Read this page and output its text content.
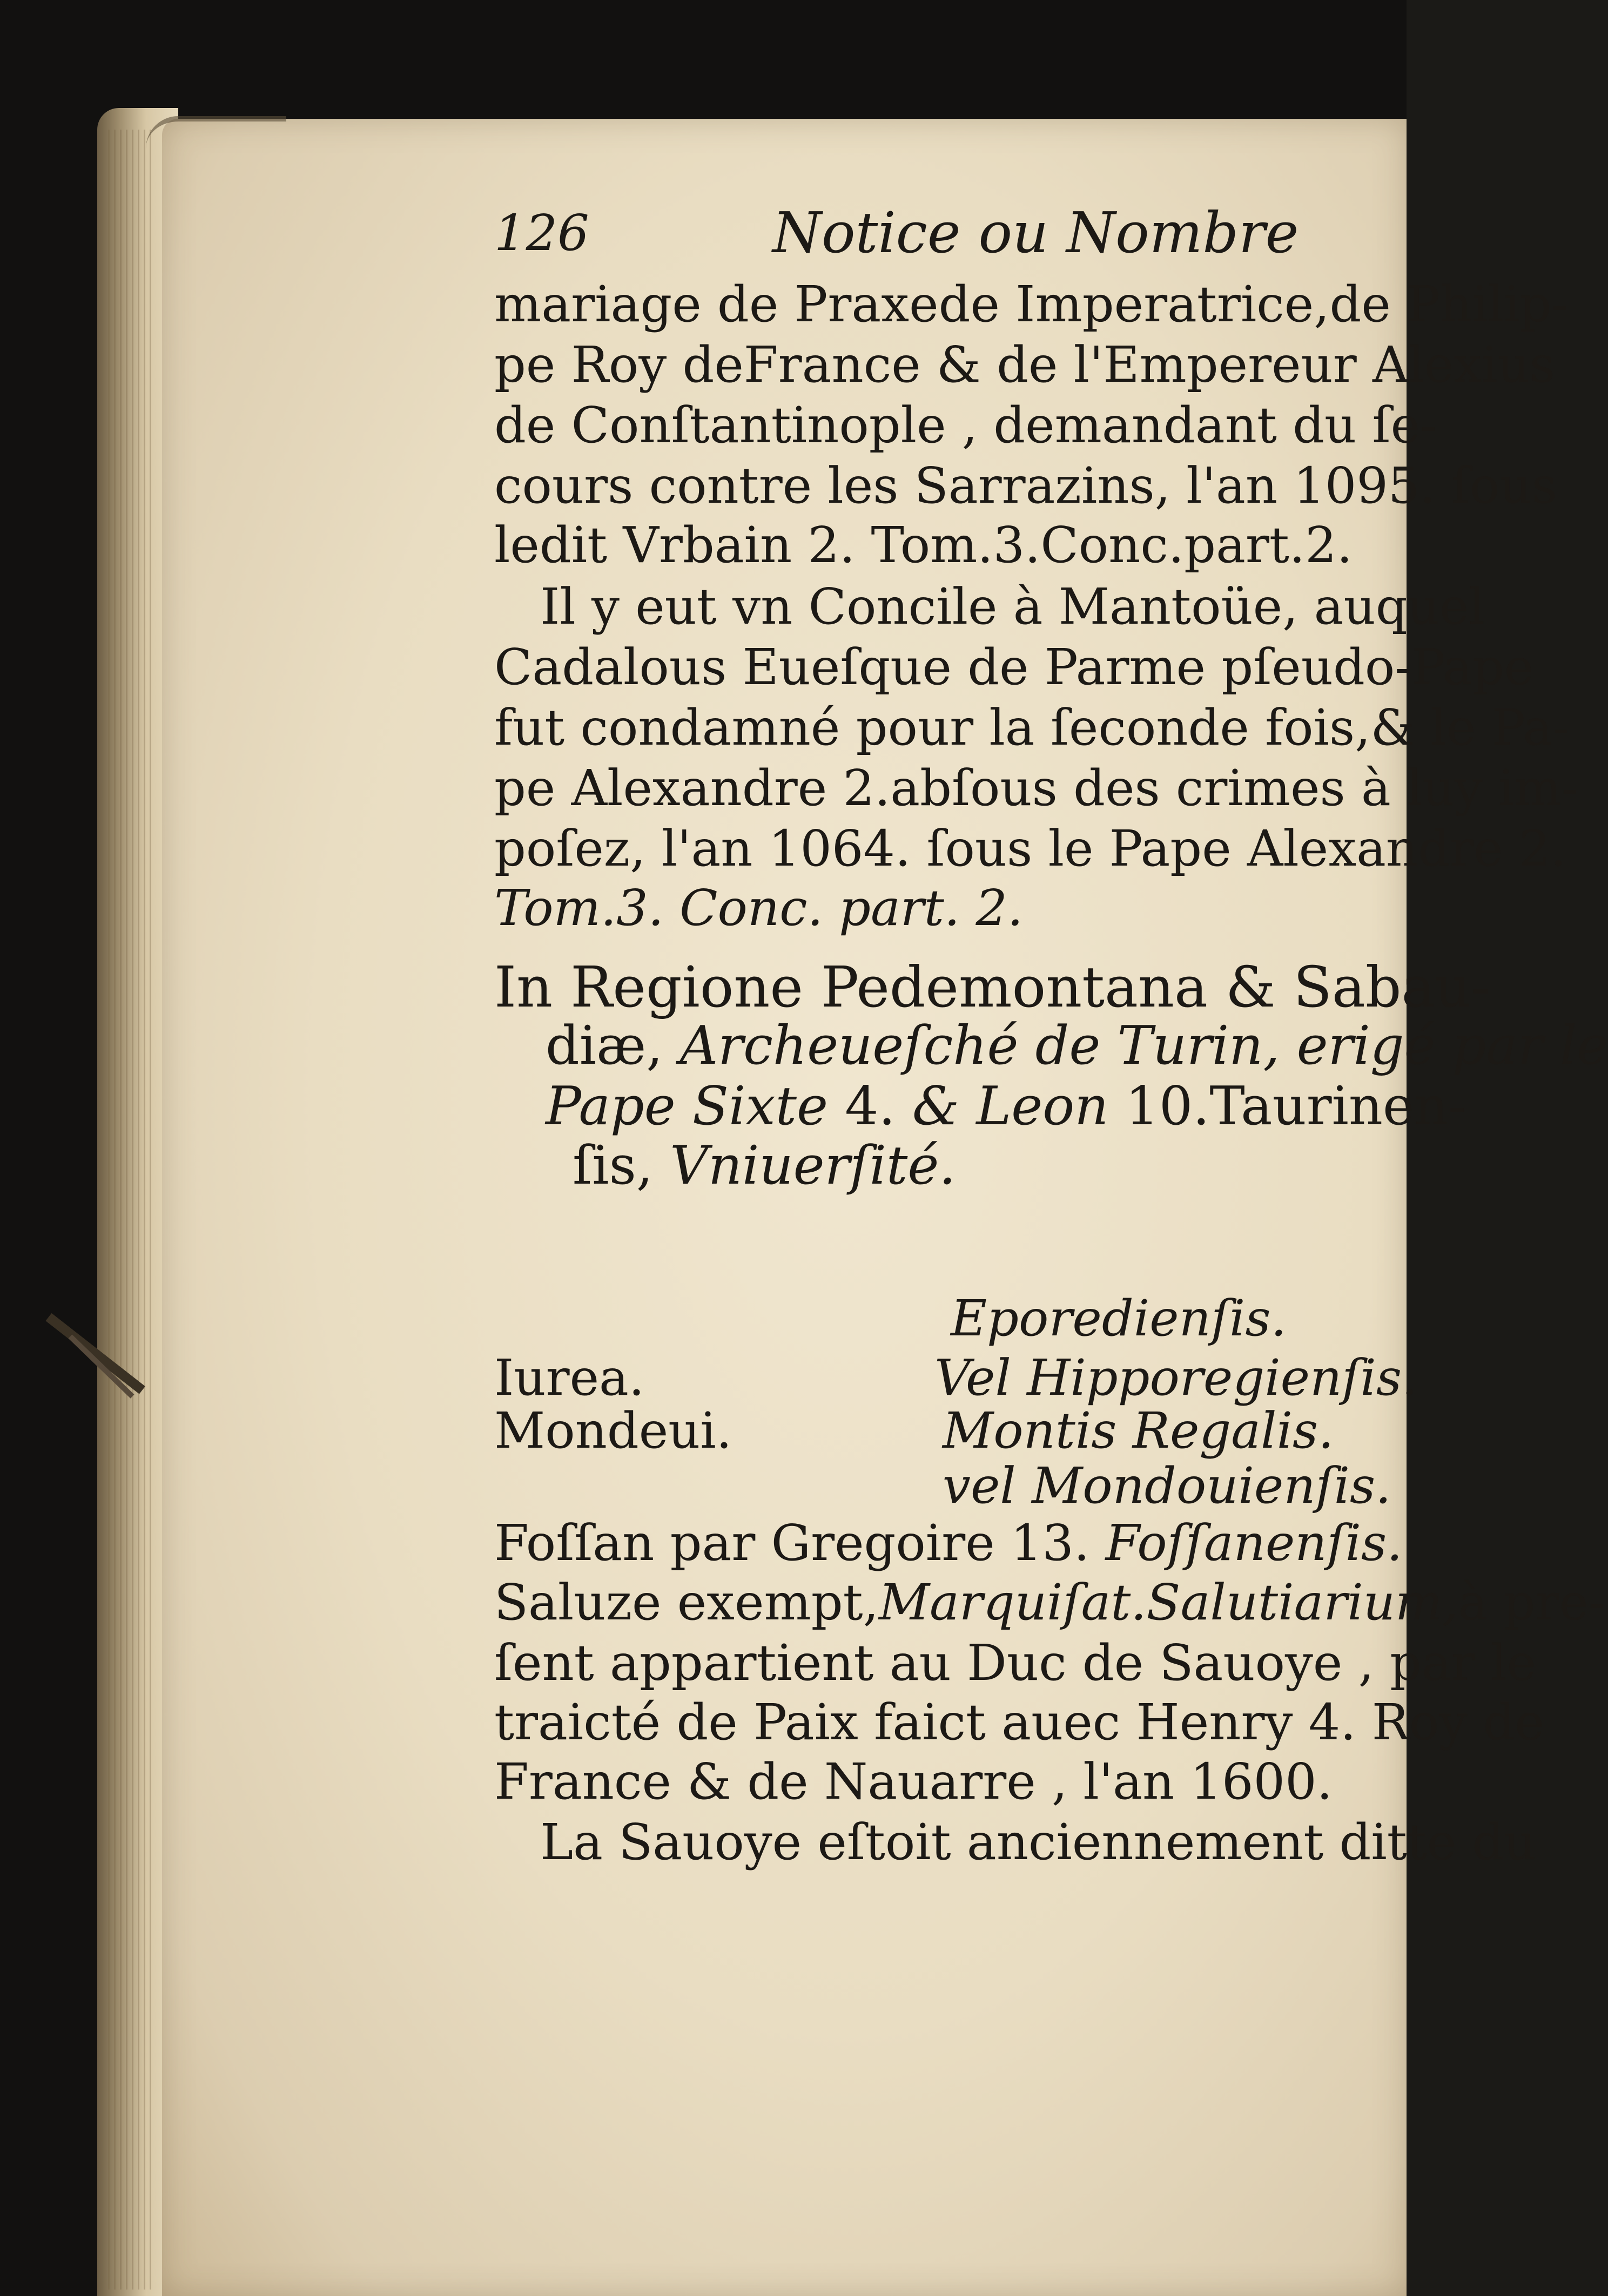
126	Notice ou Nombre
mariage de Praxede Imperatrice,de Philip-
pe Roy deFrance & de l'Empereur Alexius
de Conſtantinople , demandant du ſe-
cours contre les Sarrazins, l'an 1095. ſous
ledit Vrbain 2. Tom.3.Conc.part.2.
Il y eut vn Concile à Mantoüe, auquel
Cadalous Eueſque de Parme pſeudo-Pape
fut condamné pour la ſeconde fois,& le Pa-
pe Alexandre 2.abſous des crimes à luy im-
poſez, l'an 1064. ſous le Pape Alexandre 2.
Tom.3. Conc. part. 2.
In Regione Pedemontana & Sabau-
diæ, Archeueſché de Turin, erigé par le
Pape Sixte 4. & Leon 10.Taurinen-
ſis, Vniuerſité.
Eporedienſis.
Iurea.	Vel Hipporegienſis.
Mondeui.	Montis Regalis.
vel Mondouienſis.
Foſſan par Gregoire 13. Foſſanenſis.
Saluze exempt,Marquiſat.Salutiarium,à pre-
ſent appartient au Duc de Sauoye , par le
traicté de Paix faict auec Henry 4. Roy de
France & de Nauarre , l'an 1600.
La Sauoye eſtoit anciennement ditte du
